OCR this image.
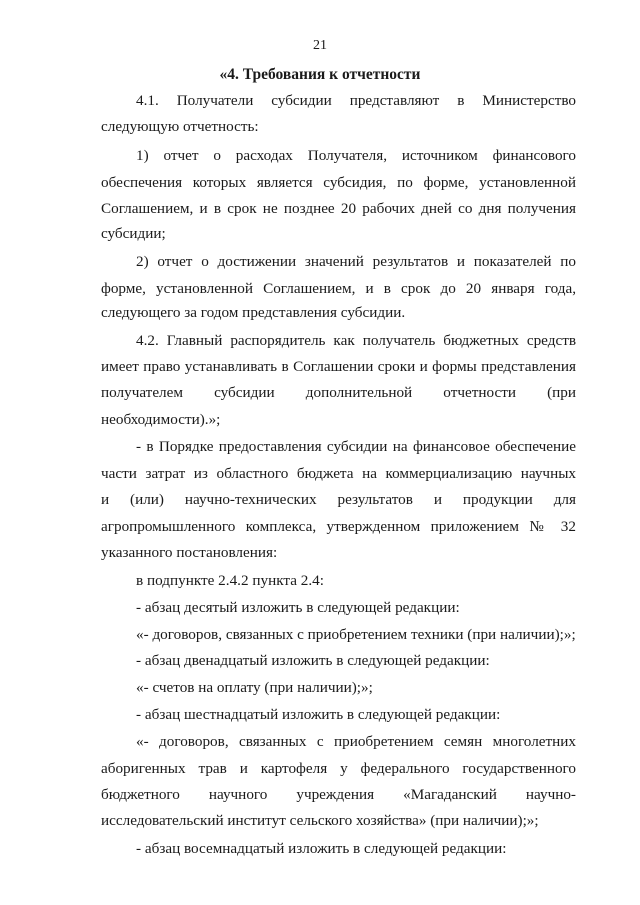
21
«4. Требования к отчетности
4.1. Получатели субсидии представляют в Министерство
следующую отчетность:
1) отчет о расходах Получателя, источником финансового
обеспечения которых является субсидия, по форме, установленной
Соглашением, и в срок не позднее 20 рабочих дней со дня получения
субсидии;
2) отчет о достижении значений результатов и показателей по
форме, установленной Соглашением, и в срок до 20 января года,
следующего за годом представления субсидии.
4.2. Главный распорядитель как получатель бюджетных средств
имеет право устанавливать в Соглашении сроки и формы представления
получателем субсидии дополнительной отчетности (при
необходимости).»;
- в Порядке предоставления субсидии на финансовое обеспечение
части затрат из областного бюджета на коммерциализацию научных
и (или) научно-технических результатов и продукции для
агропромышленного комплекса, утвержденном приложением № 32
указанного постановления:
в подпункте 2.4.2 пункта 2.4:
- абзац десятый изложить в следующей редакции:
«- договоров, связанных с приобретением техники (при наличии);»;
- абзац двенадцатый изложить в следующей редакции:
«- счетов на оплату (при наличии);»;
- абзац шестнадцатый изложить в следующей редакции:
«- договоров, связанных с приобретением семян многолетних
аборигенных трав и картофеля у федерального государственного
бюджетного научного учреждения «Магаданский научно-
исследовательский институт сельского хозяйства» (при наличии);»;
- абзац восемнадцатый изложить в следующей редакции:
